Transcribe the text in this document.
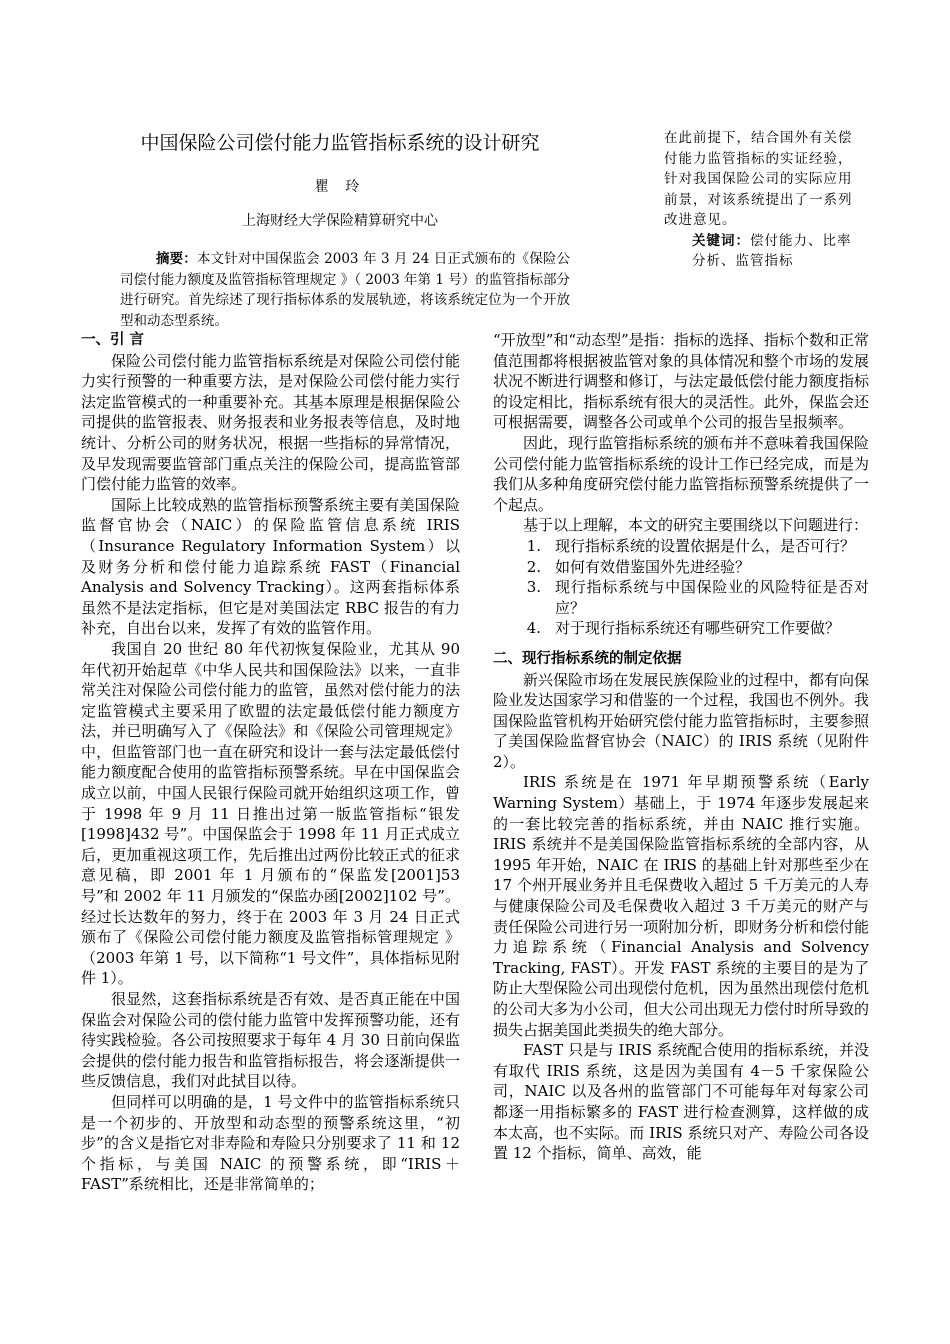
中国保险公司偿付能力监管指标系统的设计研究
瞿 玲
上海财经大学保险精算研究中心
摘要：本文针对中国保监会 2003 年 3 月 24 日正式颁布的《保险公司偿付能力额度及监管指标管理规定 》（ 2003 年第 1 号）的监管指标部分进行研究。首先综述了现行指标体系的发展轨迹，将该系统定位为一个开放型和动态型系统。
在此前提下，结合国外有关偿付能力监管指标的实证经验，针对我国保险公司的实际应用前景，对该系统提出了一系列改进意见。
关键词：偿付能力、比率分析、监管指标
一、引 言

保险公司偿付能力监管指标系统是对保险公司偿付能力实行预警的一种重要方法，是对保险公司偿付能力实行法定监管模式的一种重要补充。其基本原理是根据保险公司提供的监管报表、财务报表和业务报表等信息，及时地统计、分析公司的财务状况，根据一些指标的异常情况，及早发现需要监管部门重点关注的保险公司，提高监管部门偿付能力监管的效率。

国际上比较成熟的监管指标预警系统主要有美国保险监督官协会（NAIC）的保险监管信息系统 IRIS（Insurance Regulatory Information System）以及财务分析和偿付能力追踪系统 FAST（Financial Analysis and Solvency Tracking）。这两套指标体系虽然不是法定指标，但它是对美国法定 RBC 报告的有力补充，自出台以来，发挥了有效的监管作用。

我国自 20 世纪 80 年代初恢复保险业，尤其从 90 年代初开始起草《中华人民共和国保险法》以来，一直非常关注对保险公司偿付能力的监管，虽然对偿付能力的法定监管模式主要采用了欧盟的法定最低偿付能力额度方法，并已明确写入了《保险法》和《保险公司管理规定》中，但监管部门也一直在研究和设计一套与法定最低偿付能力额度配合使用的监管指标预警系统。早在中国保监会成立以前，中国人民银行保险司就开始组织这项工作，曾于 1998 年 9 月 11 日推出过第一版监管指标“银发[1998]432 号”。中国保监会于 1998 年 11 月正式成立后，更加重视这项工作，先后推出过两份比较正式的征求意见稿，即 2001 年 1 月颁布的“保监发[2001]53 号”和 2002 年 11 月颁发的“保监办函[2002]102 号”。经过长达数年的努力，终于在 2003 年 3 月 24 日正式颁布了《保险公司偿付能力额度及监管指标管理规定 》（2003 年第 1 号，以下简称“1 号文件”，具体指标见附件 1）。

很显然，这套指标系统是否有效、是否真正能在中国保监会对保险公司的偿付能力监管中发挥预警功能，还有待实践检验。各公司按照要求于每年 4 月 30 日前向保监会提供的偿付能力报告和监管指标报告，将会逐渐提供一些反馈信息，我们对此拭目以待。

但同样可以明确的是，1 号文件中的监管指标系统只是一个初步的、开放型和动态型的预警系统这里，“初步”的含义是指它对非寿险和寿险只分别要求了 11 和 12 个指标，与美国 NAIC 的预警系统，即“IRIS＋FAST”系统相比，还是非常简单的；

“开放型”和“动态型”是指：指标的选择、指标个数和正常值范围都将根据被监管对象的具体情况和整个市场的发展状况不断进行调整和修订，与法定最低偿付能力额度指标的设定相比，指标系统有很大的灵活性。此外，保监会还可根据需要，调整各公司或单个公司的报告呈报频率。

因此，现行监管指标系统的颁布并不意味着我国保险公司偿付能力监管指标系统的设计工作已经完成，而是为我们从多种角度研究偿付能力监管指标预警系统提供了一个起点。

基于以上理解，本文的研究主要围绕以下问题进行：

1. 现行指标系统的设置依据是什么，是否可行？
2. 如何有效借鉴国外先进经验？
3. 现行指标系统与中国保险业的风险特征是否对应？
4. 对于现行指标系统还有哪些研究工作要做？
二、现行指标系统的制定依据

新兴保险市场在发展民族保险业的过程中，都有向保险业发达国家学习和借鉴的一个过程，我国也不例外。我国保险监管机构开始研究偿付能力监管指标时，主要参照了美国保险监督官协会（NAIC）的 IRIS 系统（见附件 2）。

IRIS 系统是在 1971 年早期预警系统（Early Warning System）基础上，于 1974 年逐步发展起来的一套比较完善的指标系统，并由 NAIC 推行实施。IRIS 系统并不是美国保险监管指标系统的全部内容，从 1995 年开始，NAIC 在 IRIS 的基础上针对那些至少在 17 个州开展业务并且毛保费收入超过 5 千万美元的人寿与健康保险公司及毛保费收入超过 3 千万美元的财产与责任保险公司进行另一项附加分析，即财务分析和偿付能力追踪系统（Financial Analysis and Solvency Tracking, FAST）。开发 FAST 系统的主要目的是为了防止大型保险公司出现偿付危机，因为虽然出现偿付危机的公司大多为小公司，但大公司出现无力偿付时所导致的损失占据美国此类损失的绝大部分。

FAST 只是与 IRIS 系统配合使用的指标系统，并没有取代 IRIS 系统，这是因为美国有 4－5 千家保险公司，NAIC 以及各州的监管部门不可能每年对每家公司都逐一用指标繁多的 FAST 进行检查测算，这样做的成本太高，也不实际。而 IRIS 系统只对产、寿险公司各设置 12 个指标，简单、高效，能
